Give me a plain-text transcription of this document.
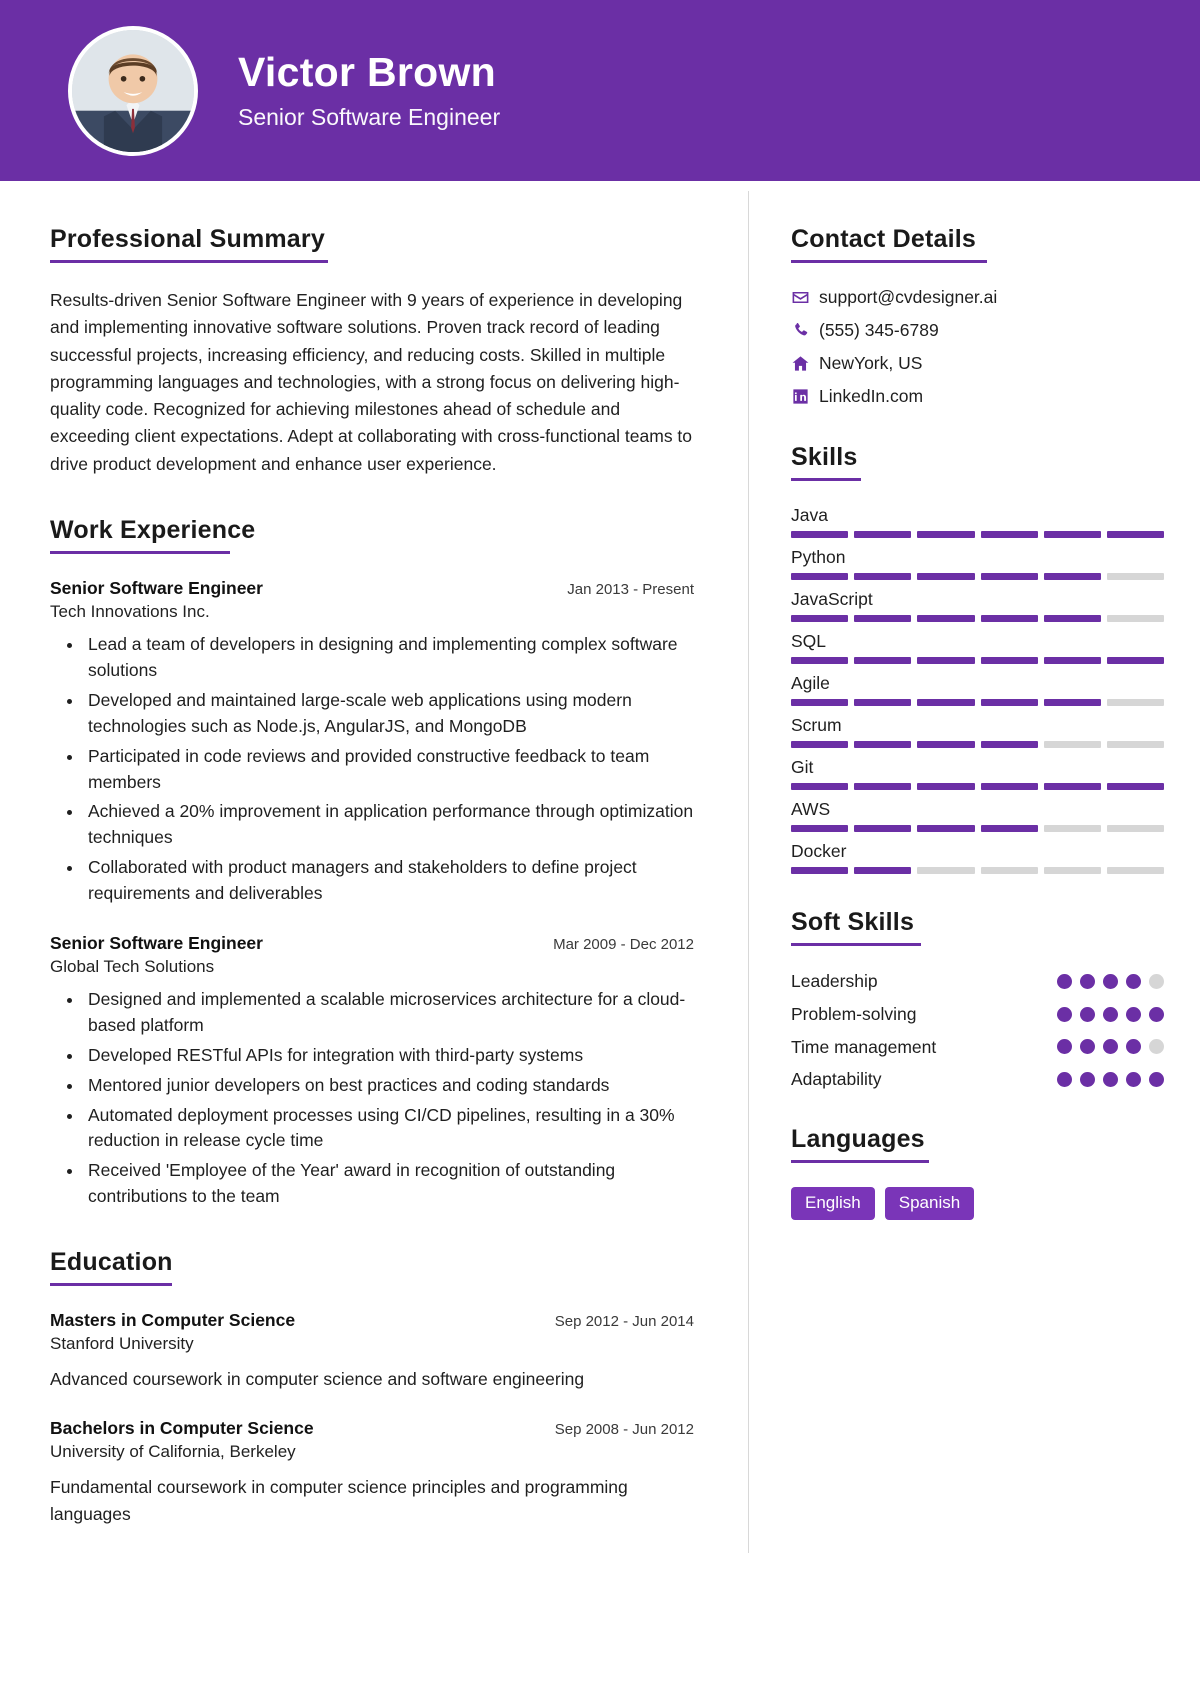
Victor Brown

Senior Software Engineer

Professional Summary

Results-driven Senior Software Engineer with 9 years of experience in developing and implementing innovative software solutions. Proven track record of leading successful projects, increasing efficiency, and reducing costs. Skilled in multiple programming languages and technologies, with a strong focus on delivering high-quality code. Recognized for achieving milestones ahead of schedule and exceeding client expectations. Adept at collaborating with cross-functional teams to drive product development and enhance user experience.

Work Experience
Senior Software Engineer	Jan 2013 - Present
Tech Innovations Inc.
• Lead a team of developers in designing and implementing complex software solutions
• Developed and maintained large-scale web applications using modern technologies such as Node.js, AngularJS, and MongoDB
• Participated in code reviews and provided constructive feedback to team members
• Achieved a 20% improvement in application performance through optimization techniques
• Collaborated with product managers and stakeholders to define project requirements and deliverables
Senior Software Engineer	Mar 2009 - Dec 2012
Global Tech Solutions
• Designed and implemented a scalable microservices architecture for a cloud-based platform
• Developed RESTful APIs for integration with third-party systems
• Mentored junior developers on best practices and coding standards
• Automated deployment processes using CI/CD pipelines, resulting in a 30% reduction in release cycle time
• Received 'Employee of the Year' award in recognition of outstanding contributions to the team
Education
Masters in Computer Science	Sep 2012 - Jun 2014
Stanford University
Advanced coursework in computer science and software engineering
Bachelors in Computer Science	Sep 2008 - Jun 2012
University of California, Berkeley
Fundamental coursework in computer science principles and programming languages
Contact Details
support@cvdesigner.ai
(555) 345-6789
NewYork, US
LinkedIn.com
Skills
Java
Python
JavaScript
SQL
Agile
Scrum
Git
AWS
Docker
Soft Skills
Leadership
Problem-solving
Time management
Adaptability
Languages
English	Spanish
